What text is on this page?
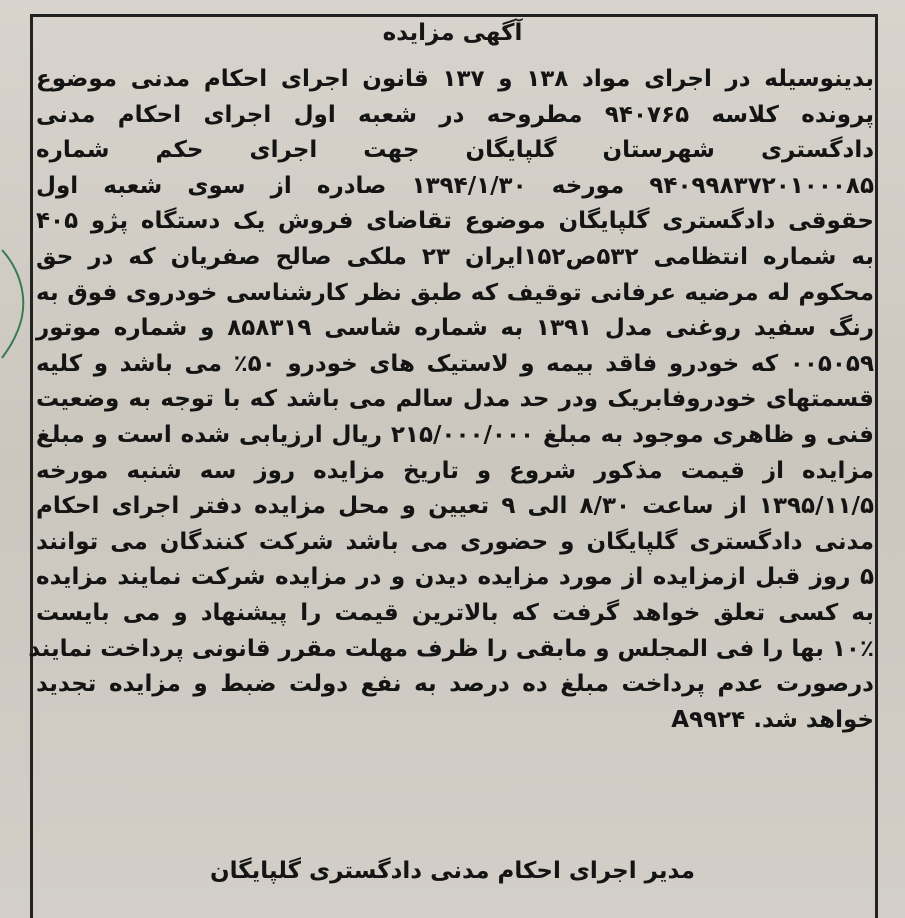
آگهی مزایده
بدینوسیله در اجرای مواد ۱۳۸ و ۱۳۷ قانون اجرای احکام مدنی موضوع
پرونده کلاسه ۹۴۰۷۶۵ مطروحه در شعبه اول اجرای احکام مدنی
دادگستری شهرستان گلپایگان جهت اجرای حکم شماره
۹۴۰۹۹۸۳۷۲۰۱۰۰۰۸۵ مورخه ۱۳۹۴/۱/۳۰ صادره از سوی شعبه اول
حقوقی دادگستری گلپایگان موضوع تقاضای فروش یک دستگاه پژو ۴۰۵
به شماره انتظامی ۵۳۲ص۱۵۲ایران ۲۳ ملکی صالح صفریان که در حق
محکوم له مرضیه عرفانی توقیف که طبق نظر کارشناسی خودروی فوق به
رنگ سفید روغنی مدل ۱۳۹۱ به شماره شاسی ۸۵۸۳۱۹ و شماره موتور
۰۰۵۰۵۹ که خودرو فاقد بیمه و لاستیک های خودرو ۵۰٪ می باشد و کلیه
قسمتهای خودروفابریک ودر حد مدل سالم می باشد که با توجه به وضعیت
فنی و ظاهری موجود به مبلغ ۲۱۵/۰۰۰/۰۰۰ ریال ارزیابی شده است و مبلغ
مزایده از قیمت مذکور شروع و تاریخ مزایده روز سه شنبه مورخه
۱۳۹۵/۱۱/۵ از ساعت ۸/۳۰ الی ۹ تعیین و محل مزایده دفتر اجرای احکام
مدنی دادگستری گلپایگان و حضوری می باشد شرکت کنندگان می توانند
۵ روز قبل ازمزایده از مورد مزایده دیدن و در مزایده شرکت نمایند مزایده
به کسی تعلق خواهد گرفت که بالاترین قیمت را پیشنهاد و می بایست
۱۰٪ بها را فی المجلس و مابقی را ظرف مهلت مقرر قانونی پرداخت نمایند
درصورت عدم پرداخت مبلغ ده درصد به نفع دولت ضبط و مزایده تجدید
خواهد شد. A۹۹۲۴
مدیر اجرای احکام مدنی دادگستری گلپایگان
